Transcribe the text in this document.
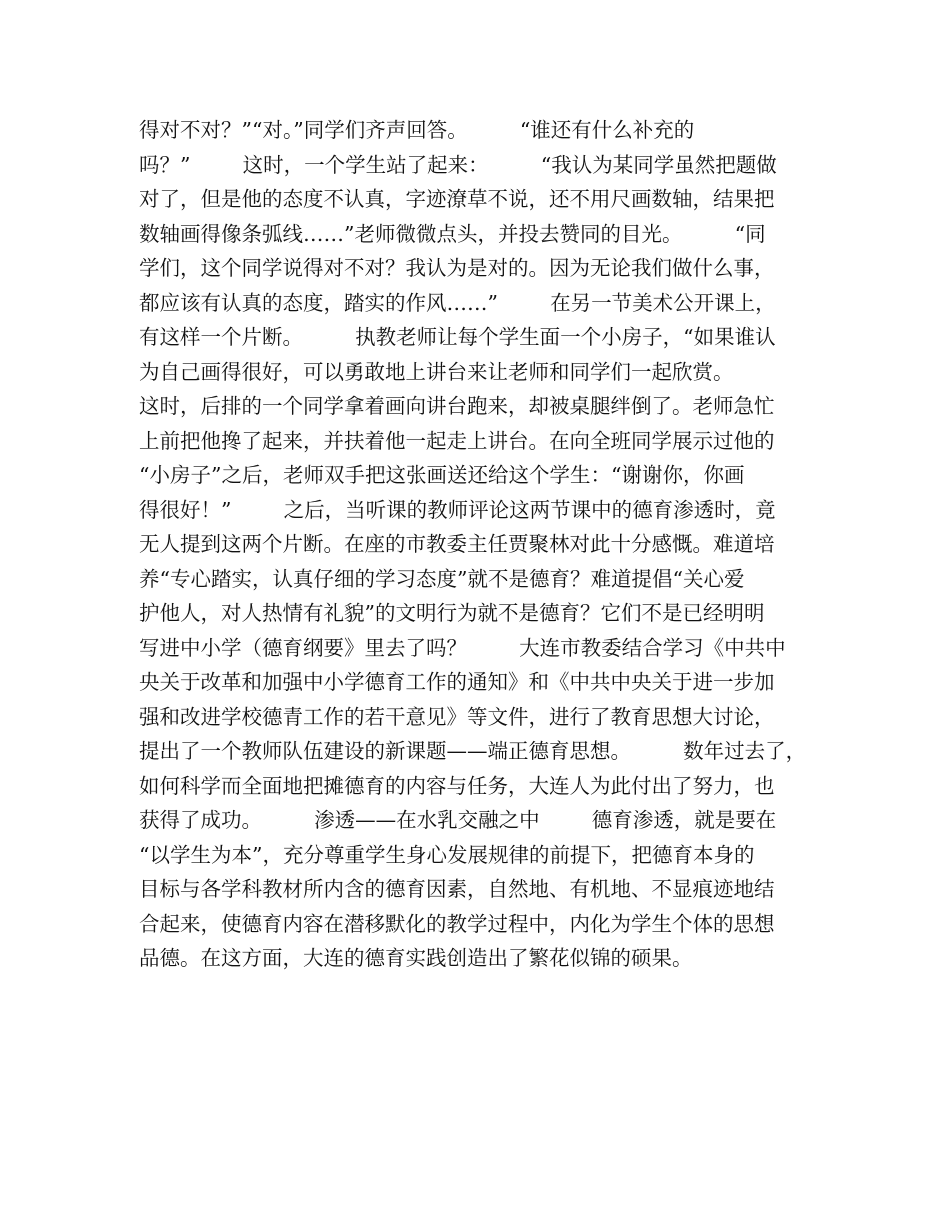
得对不对？”“对。”同学们齐声回答。        “谁还有什么补充的
吗？”        这时，一个学生站了起来：        “我认为某同学虽然把题做
对了，但是他的态度不认真，字迹潦草不说，还不用尺画数轴，结果把
数轴画得像条弧线……”老师微微点头，并投去赞同的目光。        “同
学们，这个同学说得对不对？我认为是对的。因为无论我们做什么事，
都应该有认真的态度，踏实的作风……”        在另一节美术公开课上，
有这样一个片断。        执教老师让每个学生面一个小房子，“如果谁认
为自己画得很好，可以勇敢地上讲台来让老师和同学们一起欣赏。
这时，后排的一个同学拿着画向讲台跑来，却被桌腿绊倒了。老师急忙
上前把他搀了起来，并扶着他一起走上讲台。在向全班同学展示过他的
“小房子”之后，老师双手把这张画送还给这个学生：“谢谢你，你画
得很好！”        之后，当听课的教师评论这两节课中的德育渗透时，竟
无人提到这两个片断。在座的市教委主任贾聚林对此十分感慨。难道培
养“专心踏实，认真仔细的学习态度”就不是德育？难道提倡“关心爱
护他人，对人热情有礼貌”的文明行为就不是德育？它们不是已经明明
写进中小学（德育纲要》里去了吗？        大连市教委结合学习《中共中
央关于改革和加强中小学德育工作的通知》和《中共中央关于进一步加
强和改进学校德青工作的若干意见》等文件，进行了教育思想大讨论，
提出了一个教师队伍建设的新课题——端正德育思想。        数年过去了，
如何科学而全面地把摊德育的内容与任务，大连人为此付出了努力，也
获得了成功。        渗透——在水乳交融之中        德育渗透，就是要在
“以学生为本”，充分尊重学生身心发展规律的前提下，把德育本身的
目标与各学科教材所内含的德育因素，自然地、有机地、不显痕迹地结
合起来，使德育内容在潜移默化的教学过程中，内化为学生个体的思想
品德。在这方面，大连的德育实践创造出了繁花似锦的硕果。
